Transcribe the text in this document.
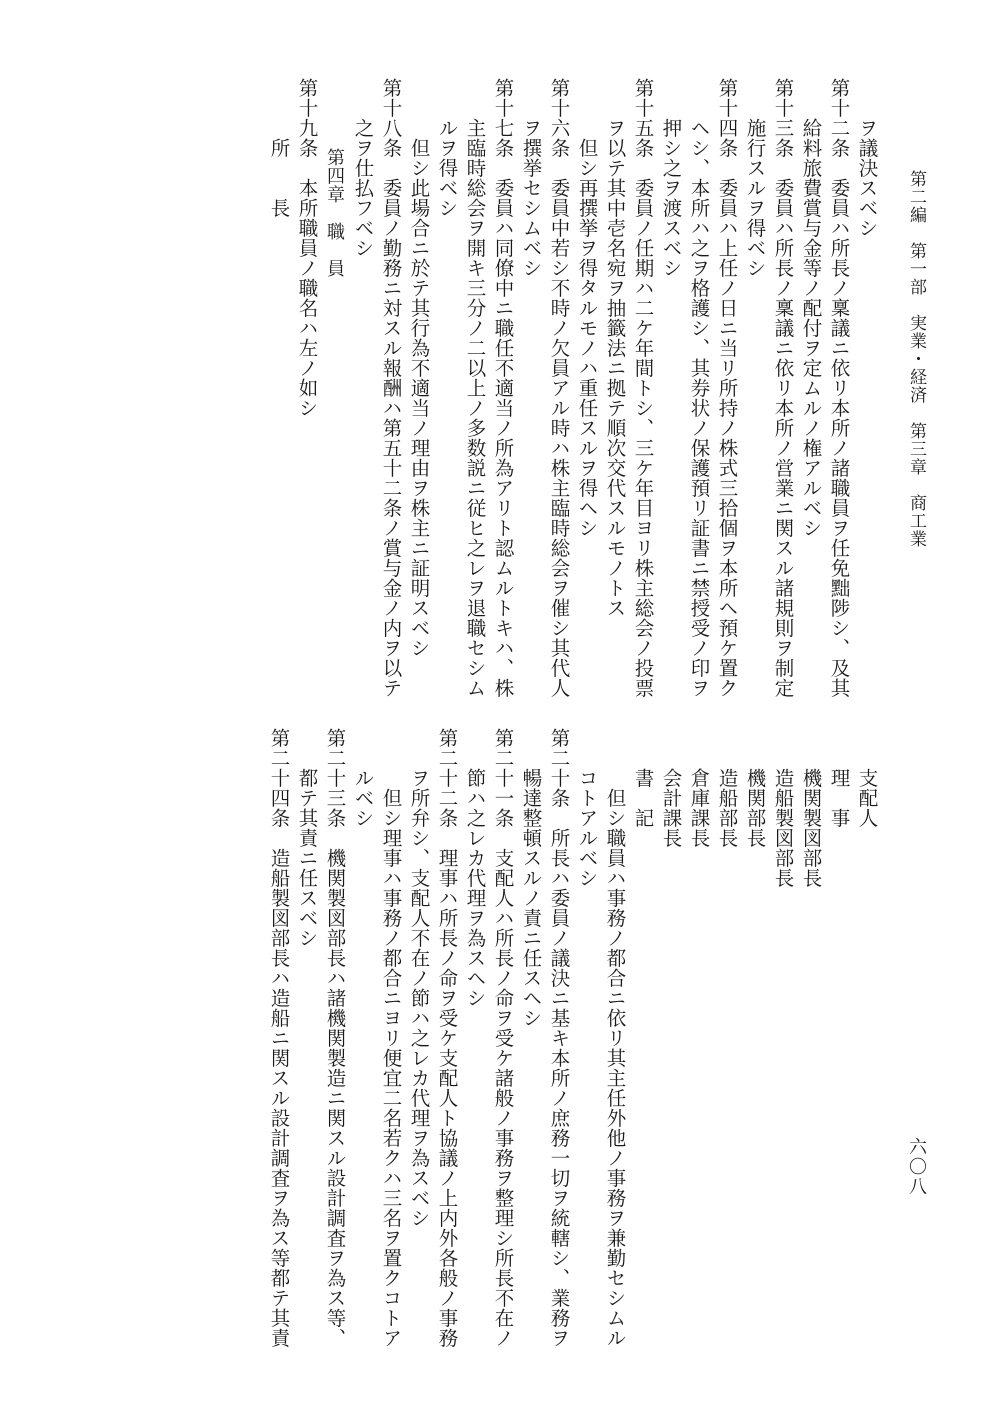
第二編　第一部　実業・経済　第三章　商工業
六〇八
ヲ議決スベシ
第十二条　委員ハ所長ノ稟議ニ依リ本所ノ諸職員ヲ任免黜陟シ、及其
給料旅費賞与金等ノ配付ヲ定ムルノ権アルベシ
第十三条　委員ハ所長ノ稟議ニ依リ本所ノ営業ニ関スル諸規則ヲ制定
施行スルヲ得ベシ
第十四条　委員ハ上任ノ日ニ当リ所持ノ株式三拾個ヲ本所ヘ預ケ置ク
ヘシ、本所ハ之ヲ格護シ、其券状ノ保護預リ証書ニ禁授受ノ印ヲ
押シ之ヲ渡スベシ
第十五条　委員ノ任期ハ二ケ年間トシ、三ケ年目ヨリ株主総会ノ投票
ヲ以テ其中壱名宛ヲ抽籤法ニ拠テ順次交代スルモノトス
但シ再撰挙ヲ得タルモノハ重任スルヲ得ヘシ
第十六条　委員中若シ不時ノ欠員アル時ハ株主臨時総会ヲ催シ其代人
ヲ撰挙セシムベシ
第十七条　委員ハ同僚中ニ職任不適当ノ所為アリト認ムルトキハ、株
主臨時総会ヲ開キ三分ノ二以上ノ多数説ニ従ヒ之レヲ退職セシム
ルヲ得ベシ
但シ此場合ニ於テ其行為不適当ノ理由ヲ株主ニ証明スベシ
第十八条　委員ノ勤務ニ対スル報酬ハ第五十二条ノ賞与金ノ内ヲ以テ
之ヲ仕払フベシ
第四章　職　員
第十九条　本所職員ノ職名ハ左ノ如シ
所　　長
支配人
理　事
機関製図部長
造船製図部長
機関部長
造船部長
倉庫課長
会計課長
書　記
但シ職員ハ事務ノ都合ニ依リ其主任外他ノ事務ヲ兼勤セシムル
コトアルベシ
第二十条　所長ハ委員ノ議決ニ基キ本所ノ庶務一切ヲ統轄シ、業務ヲ
暢達整頓スルノ責ニ任スヘシ
第二十一条　支配人ハ所長ノ命ヲ受ケ諸般ノ事務ヲ整理シ所長不在ノ
節ハ之レカ代理ヲ為スヘシ
第二十二条　理事ハ所長ノ命ヲ受ケ支配人ト協議ノ上内外各般ノ事務
ヲ所弁シ、支配人不在ノ節ハ之レカ代理ヲ為スベシ
但シ理事ハ事務ノ都合ニヨリ便宜二名若クハ三名ヲ置クコトア
ルベシ
第二十三条　機関製図部長ハ諸機関製造ニ関スル設計調査ヲ為ス等、
都テ其責ニ任スベシ
第二十四条　造船製図部長ハ造船ニ関スル設計調査ヲ為ス等都テ其責
